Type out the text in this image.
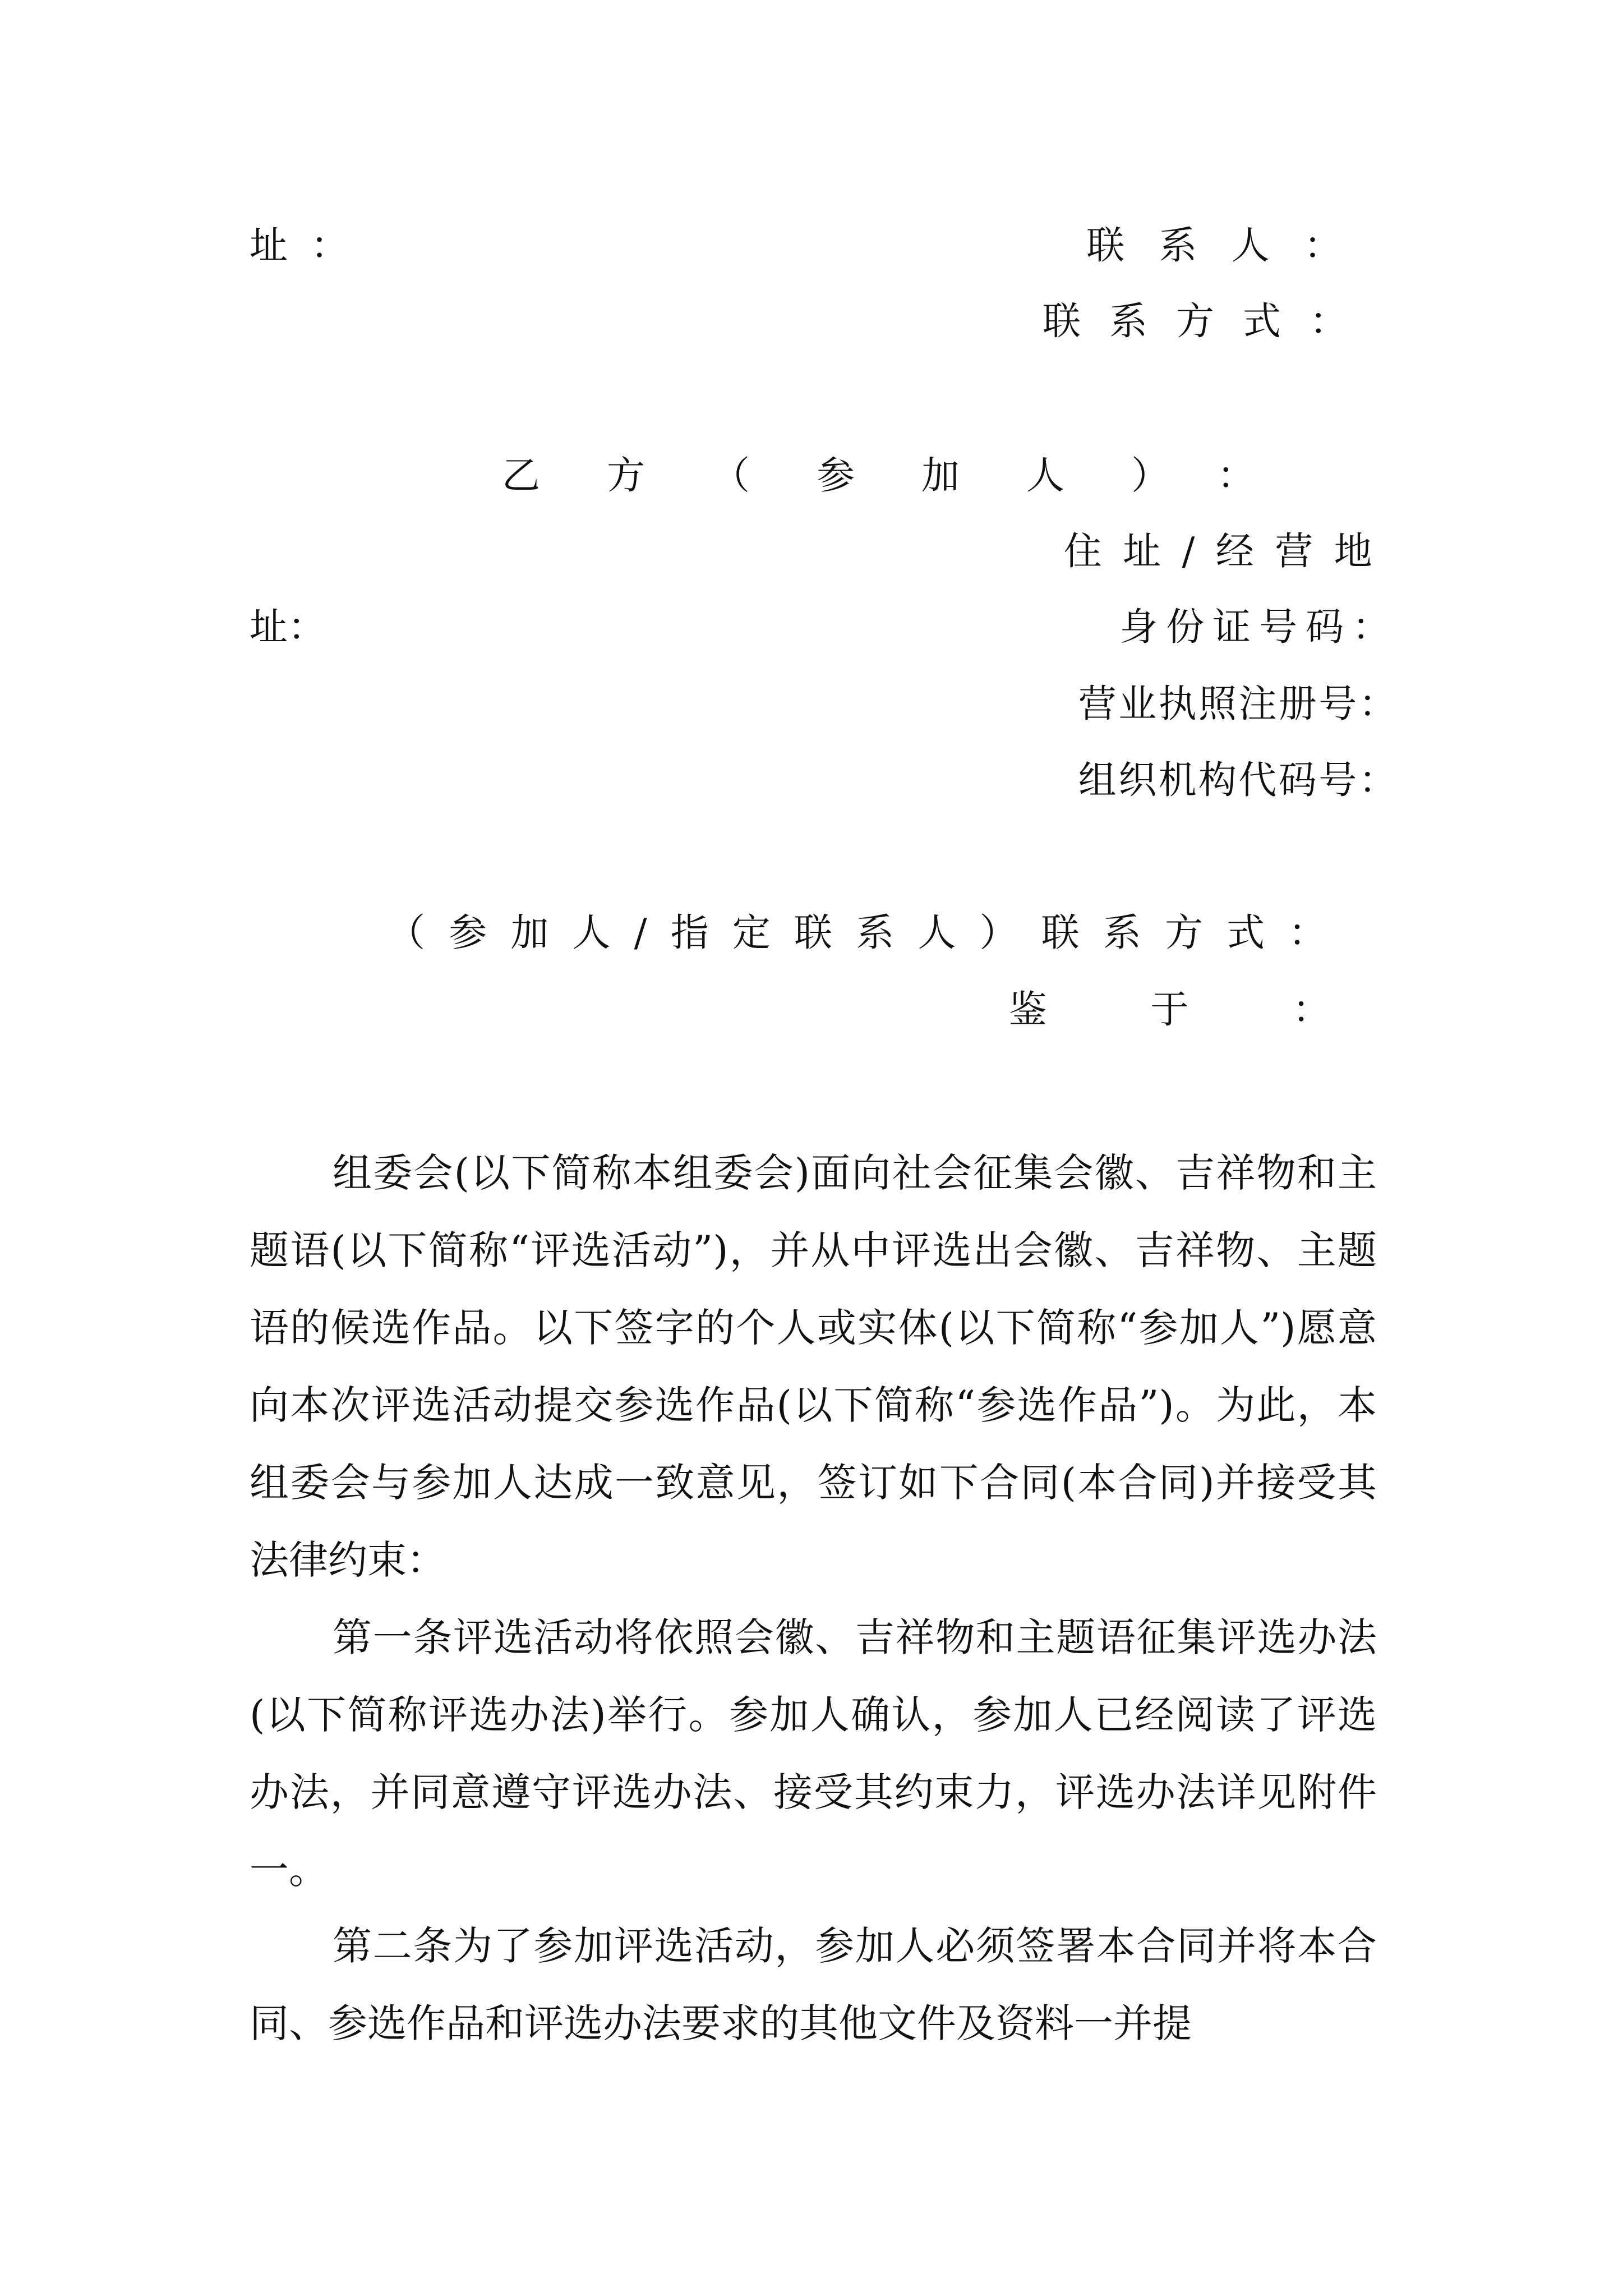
址：	联系人：
联系方式：
乙方（参加人）：
住址/经营地
址：	身份证号码：
营业执照注册号：
组织机构代码号：
（参加人/指定联系人）联系方式：
鉴 于 ：

组委会(以下简称本组委会)面向社会征集会徽、吉祥物和主题语(以下简称“评选活动”)，并从中评选出会徽、吉祥物、主题语的候选作品。以下签字的个人或实体(以下简称“参加人”)愿意向本次评选活动提交参选作品(以下简称“参选作品”)。为此，本组委会与参加人达成一致意见，签订如下合同(本合同)并接受其法律约束：

第一条评选活动将依照会徽、吉祥物和主题语征集评选办法(以下简称评选办法)举行。参加人确认，参加人已经阅读了评选办法，并同意遵守评选办法、接受其约束力，评选办法详见附件一。

第二条为了参加评选活动，参加人必须签署本合同并将本合同、参选作品和评选办法要求的其他文件及资料一并提
